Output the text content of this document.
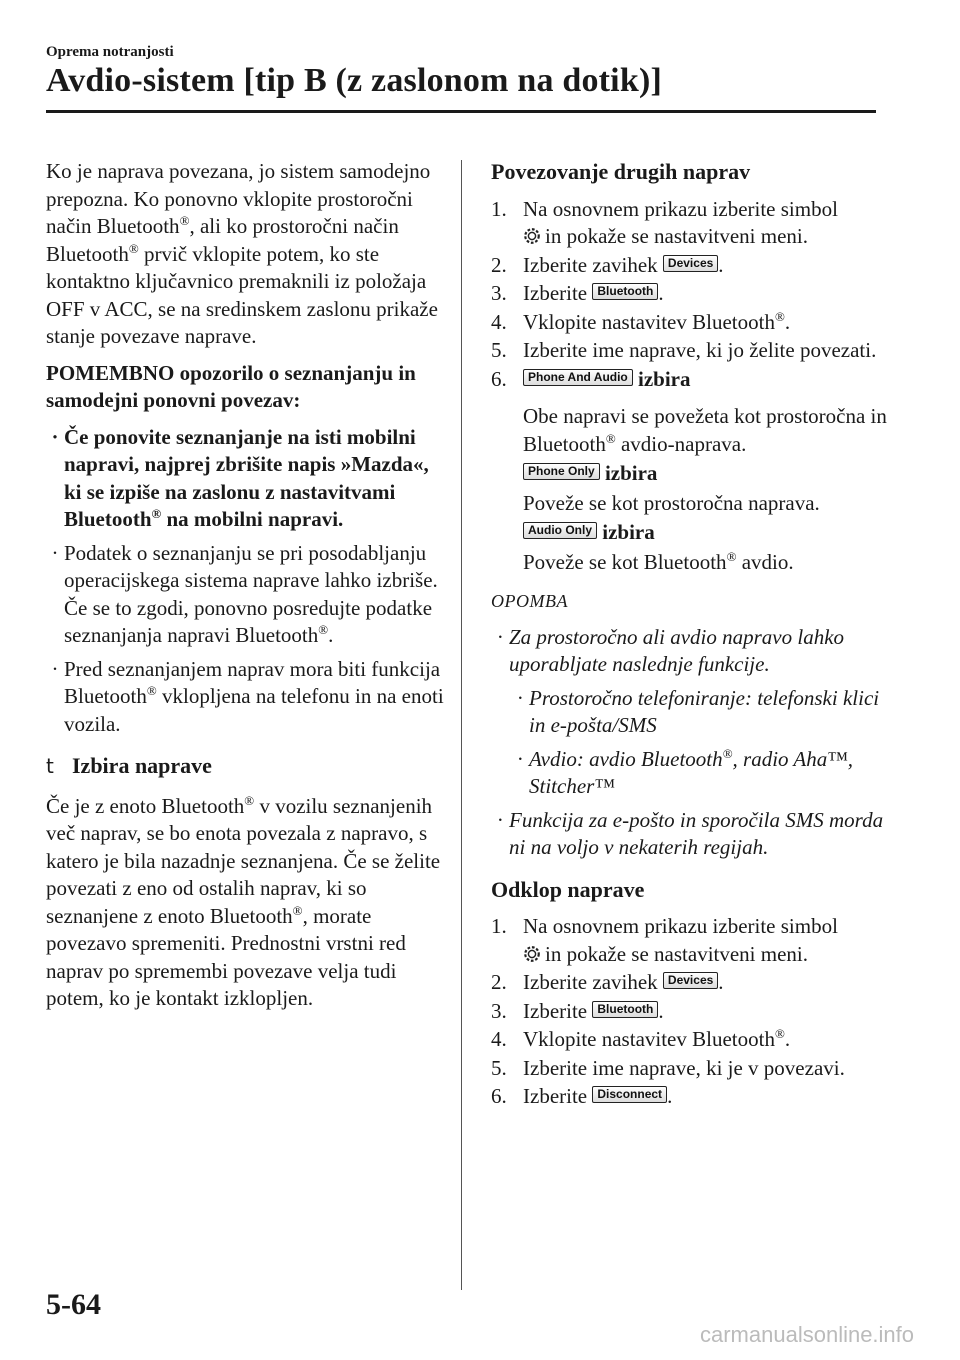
Oprema notranjosti
Avdio-sistem [tip B (z zaslonom na dotik)]

Ko je naprava povezana, jo sistem samodejno prepozna. Ko ponovno vklopite prostoročni način Bluetooth®, ali ko prostoročni način Bluetooth® prvič vklopite potem, ko ste kontaktno ključavnico premaknili iz položaja OFF v ACC, se na sredinskem zaslonu prikaže stanje povezave naprave.

POMEMBNO opozorilo o seznanjanju in samodejni ponovni povezav:

· Če ponovite seznanjanje na isti mobilni napravi, najprej zbrišite napis »Mazda«, ki se izpiše na zaslonu z nastavitvami Bluetooth® na mobilni napravi.
· Podatek o seznanjanju se pri posodabljanju operacijskega sistema naprave lahko izbriše. Če se to zgodi, ponovno posredujte podatke seznanjanja napravi Bluetooth®.
· Pred seznanjanjem naprav mora biti funkcija Bluetooth® vklopljena na telefonu in na enoti vozila.
t Izbira naprave

Če je z enoto Bluetooth® v vozilu seznanjenih več naprav, se bo enota povezala z napravo, s katero je bila nazadnje seznanjena. Če se želite povezati z eno od ostalih naprav, ki so seznanjene z enoto Bluetooth®, morate povezavo spremeniti. Prednostni vrstni red naprav po spremembi povezave velja tudi potem, ko je kontakt izklopljen.

Povezovanje drugih naprav
1. Na osnovnem prikazu izberite simbol
in pokaže se nastavitveni meni.
2. Izberite zavihek Devices .
3. Izberite Bluetooth .
4. Vklopite nastavitev Bluetooth®.
5. Izberite ime naprave, ki jo želite povezati.
6.	Phone And Audio izbira

Obe napravi se povežeta kot prostoročna in Bluetooth® avdio-naprava.

Phone Only izbira

Poveže se kot prostoročna naprava.

Audio Only izbira

Poveže se kot Bluetooth® avdio.

OPOMBA
· Za prostoročno ali avdio napravo lahko uporabljate naslednje funkcije.
· Prostoročno telefoniranje: telefonski klici in e-pošta/SMS
· Avdio: avdio Bluetooth®, radio Aha™, Stitcher™
· Funkcija za e-pošto in sporočila SMS morda ni na voljo v nekaterih regijah.
Odklop naprave
1. Na osnovnem prikazu izberite simbol
in pokaže se nastavitveni meni.
2. Izberite zavihek Devices .
3. Izberite Bluetooth .
4. Vklopite nastavitev Bluetooth®.
5. Izberite ime naprave, ki je v povezavi.
6. Izberite Disconnect .
5-64
carmanualsonline.info
